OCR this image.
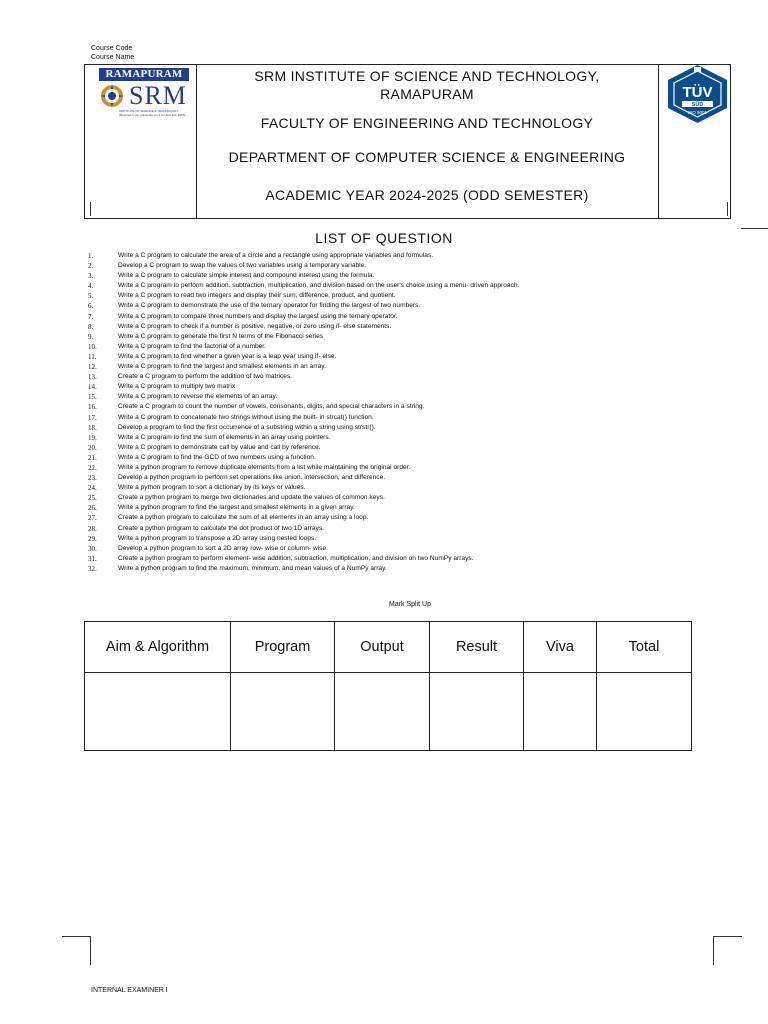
Course Code
Course Name
RAMAPURAM
SRM
INSTITUTE OF SCIENCE & TECHNOLOGY
(Deemed to be University u/s 3 of UGC Act, 1956)
SRM INSTITUTE OF SCIENCE AND TECHNOLOGY,
RAMAPURAM
FACULTY OF ENGINEERING AND TECHNOLOGY
DEPARTMENT OF COMPUTER SCIENCE & ENGINEERING
ACADEMIC YEAR 2024-2025 (ODD SEMESTER)
TÜV
SÜD
ISO 9001
LIST OF QUESTION
1.	Write a C program to calculate the area of a circle and a rectangle using appropriate variables and formulas.
2.	Develop a C program to swap the values of two variables using a temporary variable.
3.	Write a C program to calculate simple interest and compound interest using the formula.
4.	Write a C program to perform addition, subtraction, multiplication, and division based on the user's choice using a menu- driven approach.
5.	Write a C program to read two integers and display their sum, difference, product, and quotient.
6.	Write a C program to demonstrate the use of the ternary operator for finding the largest of two numbers.
7.	Write a C program to compare three numbers and display the largest using the ternary operator.
8.	Write a C program to check if a number is positive, negative, or zero using if- else statements.
9.	Write a C program to generate the first N terms of the Fibonacci series
10.	Write a C program to find the factorial of a number.
11.	Write a C program to find whether a given year is a leap year using if- else.
12.	Write a C program to find the largest and smallest elements in an array.
13.	Create a C program to perform the addition of two matrices.
14.	Write a C program to multiply two matrix
15.	Write a C program to reverse the elements of an array.
16.	Create a C program to count the number of vowels, consonants, digits, and special characters in a string.
17.	Write a C program to concatenate two strings without using the built- in strcat() function.
18.	Develop a program to find the first occurrence of a substring within a string using strstr().
19.	Write a C program to find the sum of elements in an array using pointers.
20.	Write a C program to demonstrate call by value and call by reference.
21.	Write a C program to find the GCD of two numbers using a function.
22.	Write a python program to remove duplicate elements from a list while maintaining the original order.
23.	Develop a python program to perform set operations like union, intersection, and difference.
24.	Write a python program to sort a dictionary by its keys or values.
25.	Create a python program to merge two dictionaries and update the values of common keys.
26.	Write a python program to find the largest and smallest elements in a given array.
27.	Create a python program to calculate the sum of all elements in an array using a loop.
28.	Create a python program to calculate the dot product of two 1D arrays.
29.	Write a python program to transpose a 2D array using nested loops.
30.	Develop a python program to sort a 2D array row- wise or column- wise.
31.	Create a python program to perform element- wise addition, subtraction, multiplication, and division on two NumPy arrays.
32.	Write a python program to find the maximum, minimum, and mean values of a NumPy array.
Mark Split Up
Aim & Algorithm	Program	Output	Result	Viva	Total

INTERNAL EXAMINER I
